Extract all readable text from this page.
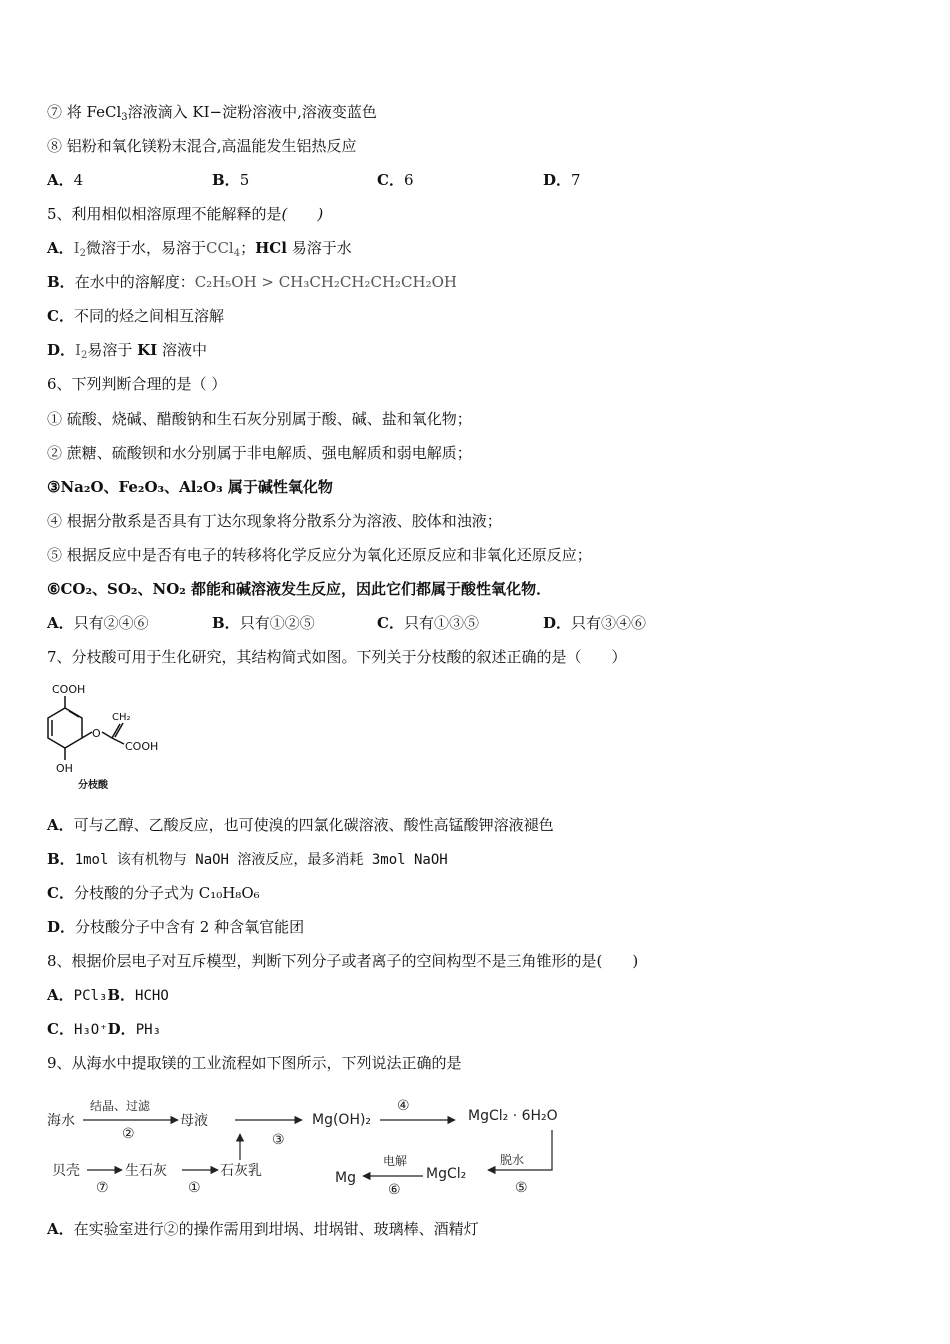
⑦ 将 FeCl$_3$溶液滴入 KI−淀粉溶液中,溶液变蓝色
⑧ 铝粉和氧化镁粉末混合,高温能发生铝热反应
A．4	B．5	C．6	D．7
5、利用相似相溶原理不能解释的是(　　)
A．$I_2$微溶于水，易溶于CCl$_4$；HCl 易溶于水
B．在水中的溶解度：C₂H₅OH > CH₃CH₂CH₂CH₂CH₂OH
C．不同的烃之间相互溶解
D．$I_2$易溶于 KI 溶液中
6、下列判断合理的是（ ）
① 硫酸、烧碱、醋酸钠和生石灰分别属于酸、碱、盐和氧化物；
② 蔗糖、硫酸钡和水分别属于非电解质、强电解质和弱电解质；
③Na₂O、Fe₂O₃、Al₂O₃ 属于碱性氧化物
④ 根据分散系是否具有丁达尔现象将分散系分为溶液、胶体和浊液；
⑤ 根据反应中是否有电子的转移将化学反应分为氧化还原反应和非氧化还原反应；
⑥CO₂、SO₂、NO₂ 都能和碱溶液发生反应，因此它们都属于酸性氧化物．
A．只有②④⑥	B．只有①②⑤	C．只有①③⑤	D．只有③④⑥
7、分枝酸可用于生化研究，其结构简式如图。下列关于分枝酸的叙述正确的是（　　）
COOH
CH₂
O
COOH
OH
分枝酸
A．可与乙醇、乙酸反应，也可使溴的四氯化碳溶液、酸性高锰酸钾溶液褪色
B．1mol 该有机物与 NaOH 溶液反应，最多消耗 3mol NaOH
C．分枝酸的分子式为 C₁₀H₈O₆
D．分枝酸分子中含有 2 种含氧官能团
8、根据价层电子对互斥模型，判断下列分子或者离子的空间构型不是三角锥形的是(　　)
A．PCl₃B．HCHO
C．H₃O⁺D．PH₃
9、从海水中提取镁的工业流程如下图所示，下列说法正确的是
海水
结晶、过滤
②
母液
③
Mg(OH)₂
④
MgCl₂ · 6H₂O
贝壳
⑦
生石灰
①
石灰乳	Mg
电解
⑥
MgCl₂
脱水
⑤
A．在实验室进行②的操作需用到坩埚、坩埚钳、玻璃棒、酒精灯
